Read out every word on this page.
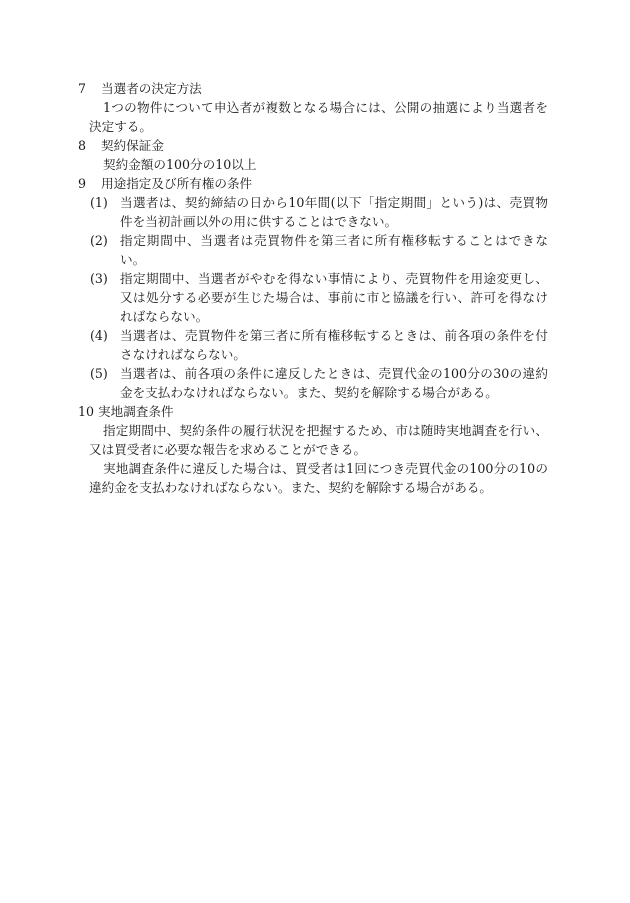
7	当選者の決定方法
1つの物件について申込者が複数となる場合には、公開の抽選により当選者を決定する。
8	契約保証金
契約金額の100分の10以上
9	用途指定及び所有権の条件
(1) 当選者は、契約締結の日から10年間(以下「指定期間」という)は、売買物件を当初計画以外の用に供することはできない。
(2) 指定期間中、当選者は売買物件を第三者に所有権移転することはできない。
(3) 指定期間中、当選者がやむを得ない事情により、売買物件を用途変更し、又は処分する必要が生じた場合は、事前に市と協議を行い、許可を得なければならない。
(4) 当選者は、売買物件を第三者に所有権移転するときは、前各項の条件を付さなければならない。
(5) 当選者は、前各項の条件に違反したときは、売買代金の100分の30の違約金を支払わなければならない。また、契約を解除する場合がある。
10 実地調査条件
指定期間中、契約条件の履行状況を把握するため、市は随時実地調査を行い、又は買受者に必要な報告を求めることができる。
実地調査条件に違反した場合は、買受者は1回につき売買代金の100分の10の違約金を支払わなければならない。また、契約を解除する場合がある。
